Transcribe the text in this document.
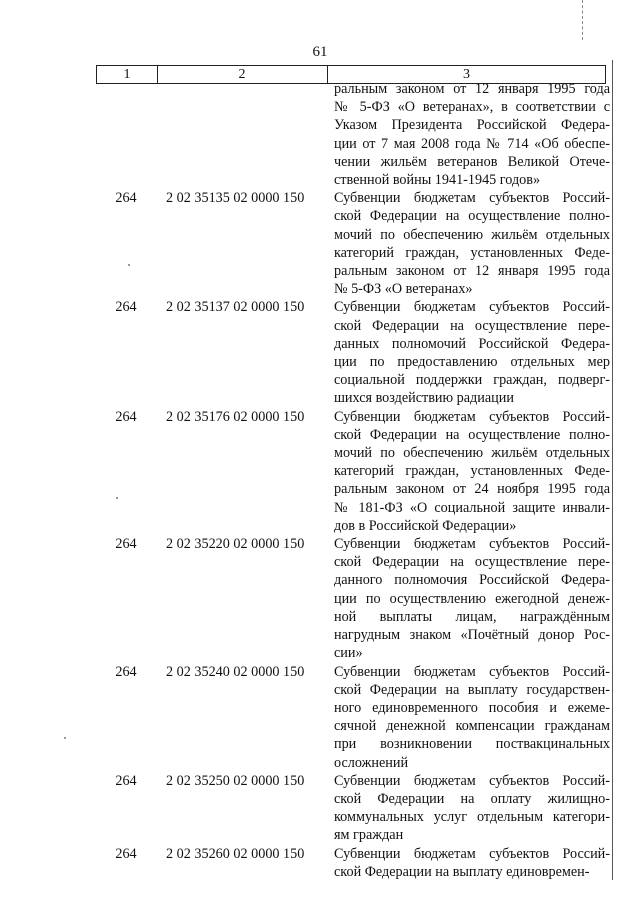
61
1	2	3
ральным законом от 12 января 1995 года
№ 5-ФЗ «О ветеранах», в соответствии с
Указом Президента Российской Федера-
ции от 7 мая 2008 года № 714 «Об обеспе-
чении жильём ветеранов Великой Отече-
ственной войны 1941-1945 годов»
264	2 02 35135 02 0000 150	Субвенции бюджетам субъектов Россий-
ской Федерации на осуществление полно-
мочий по обеспечению жильём отдельных
категорий граждан, установленных Феде-
ральным законом от 12 января 1995 года
№ 5-ФЗ «О ветеранах»
264	2 02 35137 02 0000 150	Субвенции бюджетам субъектов Россий-
ской Федерации на осуществление пере-
данных полномочий Российской Федера-
ции по предоставлению отдельных мер
социальной поддержки граждан, подверг-
шихся воздействию радиации
264	2 02 35176 02 0000 150	Субвенции бюджетам субъектов Россий-
ской Федерации на осуществление полно-
мочий по обеспечению жильём отдельных
категорий граждан, установленных Феде-
ральным законом от 24 ноября 1995 года
№ 181-ФЗ «О социальной защите инвали-
дов в Российской Федерации»
264	2 02 35220 02 0000 150	Субвенции бюджетам субъектов Россий-
ской Федерации на осуществление пере-
данного полномочия Российской Федера-
ции по осуществлению ежегодной денеж-
ной выплаты лицам, награждённым
нагрудным знаком «Почётный донор Рос-
сии»
264	2 02 35240 02 0000 150	Субвенции бюджетам субъектов Россий-
ской Федерации на выплату государствен-
ного единовременного пособия и ежеме-
сячной денежной компенсации гражданам
при возникновении поствакцинальных
осложнений
264	2 02 35250 02 0000 150	Субвенции бюджетам субъектов Россий-
ской Федерации на оплату жилищно-
коммунальных услуг отдельным категори-
ям граждан
264	2 02 35260 02 0000 150	Субвенции бюджетам субъектов Россий-
ской Федерации на выплату единовремен-
